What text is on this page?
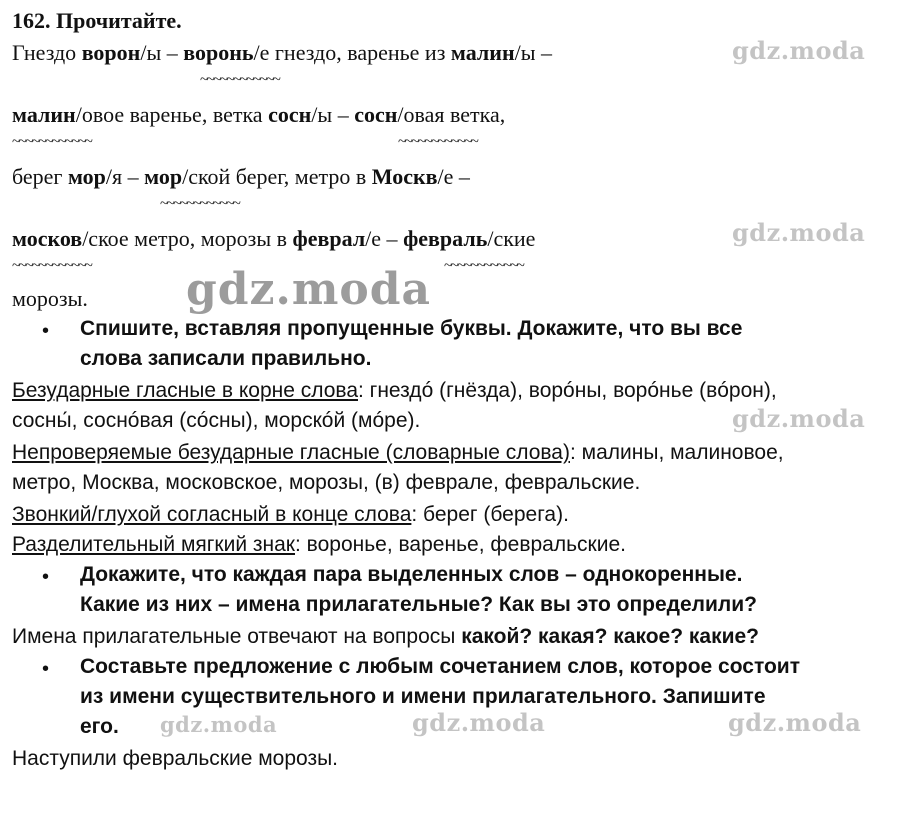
162. Прочитайте.
Гнездо ворон/ы – воронь/е гнездо, варенье из малин/ы –
~~~~~~~~~~~~
малин/овое варенье, ветка сосн/ы – сосн/овая ветка,
~~~~~~~~~~~~	~~~~~~~~~~~~
берег мор/я – мор/ской берег, метро в Москв/е –
~~~~~~~~~~~~
москов/ское метро, морозы в феврал/е – февраль/ские
~~~~~~~~~~~~	~~~~~~~~~~~~
морозы.
• Спишите, вставляя пропущенные буквы. Докажите, что вы все
слова записали правильно.
Безударные гласные в корне слова: гнездó (гнёзда), ворóны, ворóнье (вóрон),
сосны́, соснóвая (сóсны), морскóй (мóре).
Непроверяемые безударные гласные (словарные слова): малины, малиновое,
метро, Москва, московское, морозы, (в) феврале, февральские.
Звонкий/глухой согласный в конце слова: берег (берега).
Разделительный мягкий знак: воронье, варенье, февральские.
• Докажите, что каждая пара выделенных слов – однокоренные.
Какие из них – имена прилагательные? Как вы это определили?
Имена прилагательные отвечают на вопросы какой? какая? какое? какие?
• Составьте предложение с любым сочетанием слов, которое состоит
из имени существительного и имени прилагательного. Запишите
его.
Наступили февральские морозы.
gdz.moda
gdz.moda
gdz.moda
gdz.moda
gdz.moda	gdz.moda	gdz.moda
